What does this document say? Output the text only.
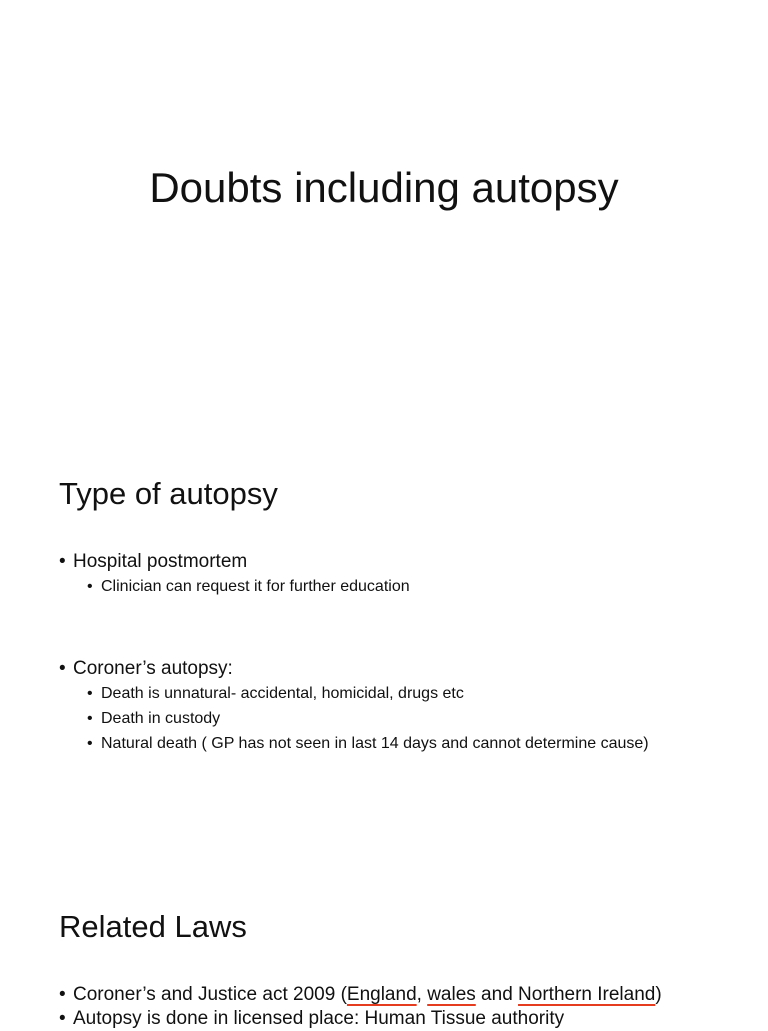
Doubts including autopsy
Type of autopsy
• Hospital postmortem
• Clinician can request it for further education
• Coroner’s autopsy:
• Death is unnatural- accidental, homicidal, drugs etc
• Death in custody
• Natural death ( GP has not seen in last 14 days and cannot determine cause)
Related Laws
• Coroner’s and Justice act 2009 (England, wales and Northern Ireland)
• Autopsy is done in licensed place: Human Tissue authority
